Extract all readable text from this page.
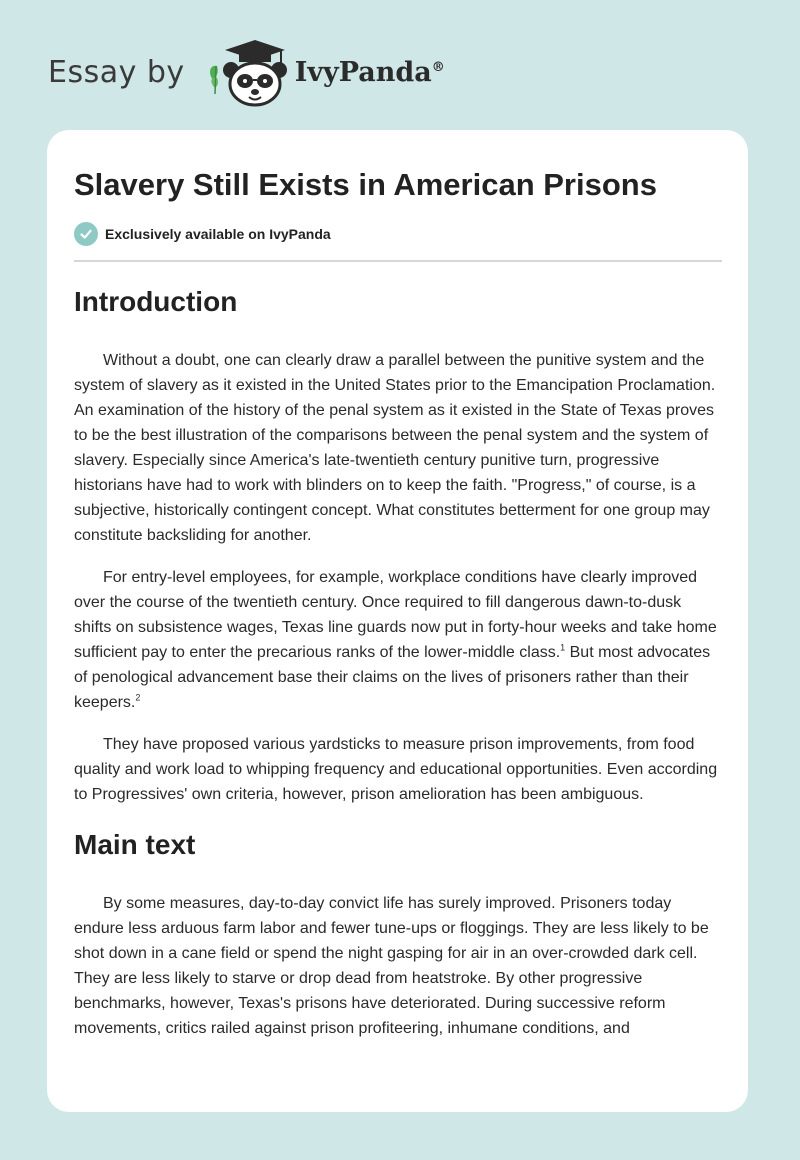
Essay by	IvyPanda®
Slavery Still Exists in American Prisons
Exclusively available on IvyPanda
Introduction

Without a doubt, one can clearly draw a parallel between the punitive system and the system of slavery as it existed in the United States prior to the Emancipation Proclamation. An examination of the history of the penal system as it existed in the State of Texas proves to be the best illustration of the comparisons between the penal system and the system of slavery. Especially since America's late-twentieth century punitive turn, progressive historians have had to work with blinders on to keep the faith. "Progress," of course, is a subjective, historically contingent concept. What constitutes betterment for one group may constitute backsliding for another.

For entry-level employees, for example, workplace conditions have clearly improved over the course of the twentieth century. Once required to fill dangerous dawn-to-dusk shifts on subsistence wages, Texas line guards now put in forty-hour weeks and take home sufficient pay to enter the precarious ranks of the lower-middle class.$^1$ But most advocates of penological advancement base their claims on the lives of prisoners rather than their keepers.$^2$

They have proposed various yardsticks to measure prison improvements, from food quality and work load to whipping frequency and educational opportunities. Even according to Progressives' own criteria, however, prison amelioration has been ambiguous.

Main text

By some measures, day-to-day convict life has surely improved. Prisoners today endure less arduous farm labor and fewer tune-ups or floggings. They are less likely to be shot down in a cane field or spend the night gasping for air in an over-crowded dark cell. They are less likely to starve or drop dead from heatstroke. By other progressive benchmarks, however, Texas's prisons have deteriorated. During successive reform movements, critics railed against prison profiteering, inhumane conditions, and
